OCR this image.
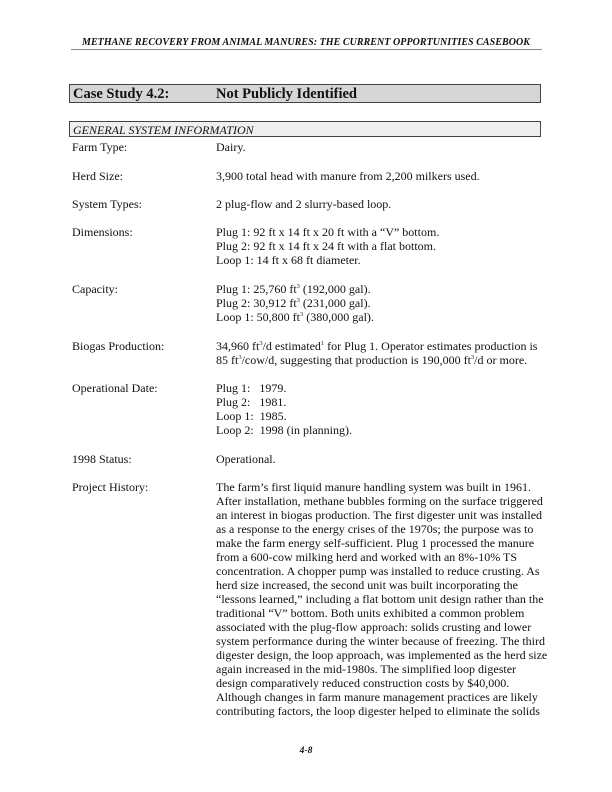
METHANE RECOVERY FROM ANIMAL MANURES: THE CURRENT OPPORTUNITIES CASEBOOK
Case Study 4.2:	Not Publicly Identified
GENERAL SYSTEM INFORMATION
Farm Type:	Dairy.
Herd Size:	3,900 total head with manure from 2,200 milkers used.
System Types:	2 plug-flow and 2 slurry-based loop.
Dimensions:	Plug 1: 92 ft x 14 ft x 20 ft with a “V” bottom.
Plug 2: 92 ft x 14 ft x 24 ft with a flat bottom.
Loop 1: 14 ft x 68 ft diameter.
Capacity:	Plug 1: 25,760 $ft^3$ (192,000 gal).
Plug 2: 30,912 $ft^3$ (231,000 gal).
Loop 1: 50,800 $ft^3$ (380,000 gal).
Biogas Production:	34,960 $ft^3/d$ estimated$^1$ for Plug 1. Operator estimates production is
85 $ft^3/cow/d$, suggesting that production is 190,000 $ft^3/d$ or more.
Operational Date:	Plug 1:   1979.
Plug 2:   1981.
Loop 1:  1985.
Loop 2:  1998 (in planning).
1998 Status:	Operational.
Project History:	The farm’s first liquid manure handling system was built in 1961.
After installation, methane bubbles forming on the surface triggered
an interest in biogas production. The first digester unit was installed
as a response to the energy crises of the 1970s; the purpose was to
make the farm energy self-sufficient. Plug 1 processed the manure
from a 600-cow milking herd and worked with an 8%-10% TS
concentration. A chopper pump was installed to reduce crusting. As
herd size increased, the second unit was built incorporating the
“lessons learned,” including a flat bottom unit design rather than the
traditional “V” bottom. Both units exhibited a common problem
associated with the plug-flow approach: solids crusting and lower
system performance during the winter because of freezing. The third
digester design, the loop approach, was implemented as the herd size
again increased in the mid-1980s. The simplified loop digester
design comparatively reduced construction costs by $40,000.
Although changes in farm manure management practices are likely
contributing factors, the loop digester helped to eliminate the solids
4-8
